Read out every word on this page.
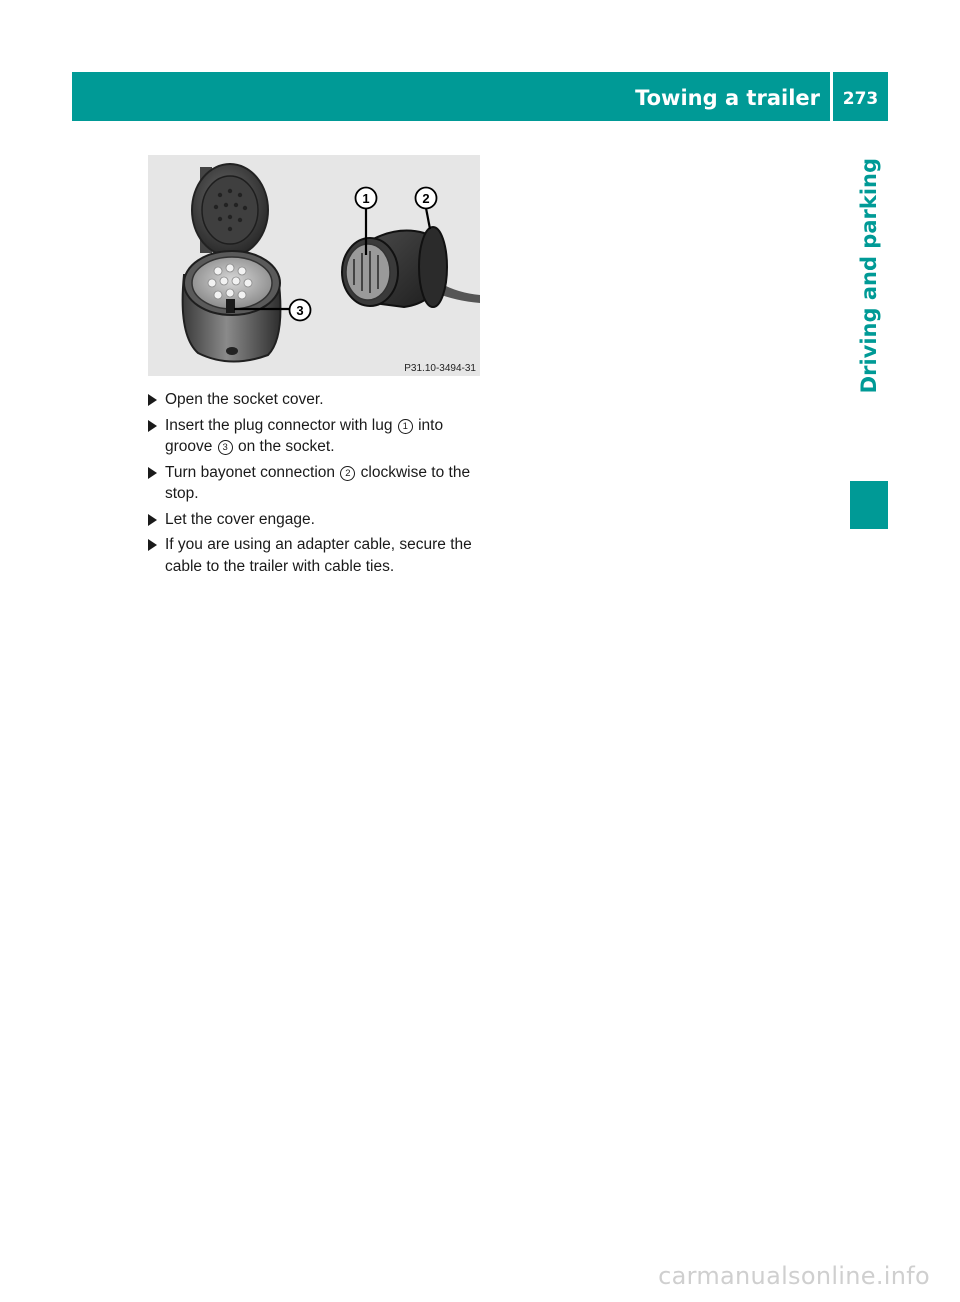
Towing a trailer	273
Driving and parking
1	2
3
P31.10-3494-31
Open the socket cover.
Insert the plug connector with lug 1 into groove 3 on the socket.
Turn bayonet connection 2 clockwise to the stop.
Let the cover engage.
If you are using an adapter cable, secure the cable to the trailer with cable ties.
carmanualsonline.info
